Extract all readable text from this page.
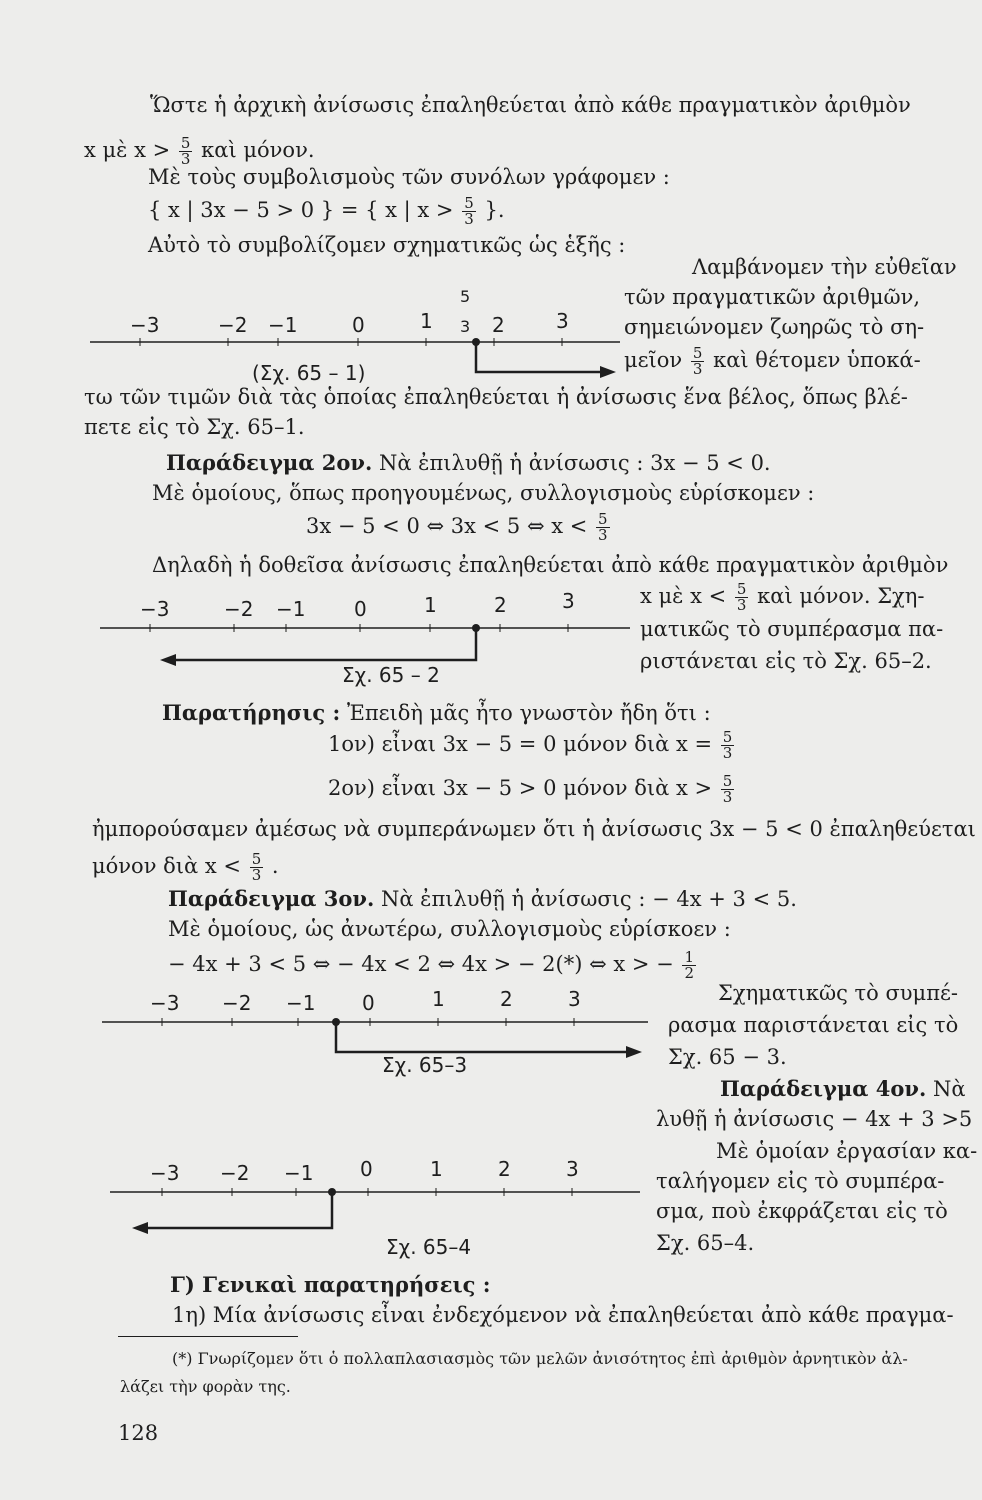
Ὥστε ἡ ἀρχικὴ ἀνίσωσις ἐπαληθεύεται ἀπὸ κάθε πραγματικὸν ἀριθμὸν
x μὲ $x > \frac{5}{3}$ καὶ μόνον.
Μὲ τοὺς συμβολισμοὺς τῶν συνόλων γράφομεν :
{ x | 3x − 5 > 0 } = { x | $x > \frac{5}{3}$ }.
Αὐτὸ τὸ συμβολίζομεν σχηματικῶς ὡς ἑξῆς :
Λαμβάνομεν τὴν εὐθεῖαν
τῶν πραγματικῶν ἀριθμῶν,
σημειώνομεν ζωηρῶς τὸ ση-
μεῖον $\frac{5}{3}$ καὶ θέτομεν ὑποκά-
−3	−2 −1	0	1	2	3
5
3
(Σχ. 65 – 1)
τω τῶν τιμῶν διὰ τὰς ὁποίας ἐπαληθεύεται ἡ ἀνίσωσις ἕνα βέλος, ὅπως βλέ-
πετε εἰς τὸ Σχ. 65–1.
Παράδειγμα 2ον. Νὰ ἐπιλυθῇ ἡ ἀνίσωσις : 3x − 5 < 0.
Μὲ ὁμοίους, ὅπως προηγουμένως, συλλογισμοὺς εὑρίσκομεν :
3x − 5 < 0 ⇔ 3x < 5 ⇔ $x < \frac{5}{3}$
Δηλαδὴ ἡ δοθεῖσα ἀνίσωσις ἐπαληθεύεται ἀπὸ κάθε πραγματικὸν ἀριθμὸν
x μὲ $x < \frac{5}{3}$ καὶ μόνον. Σχη-
ματικῶς τὸ συμπέρασμα πα-
ριστάνεται εἰς τὸ Σχ. 65–2.
−3	−2 −1 0	1	2	3
Σχ. 65 – 2
Παρατήρησις : Ἐπειδὴ μᾶς ἦτο γνωστὸν ἤδη ὅτι :
1ον) εἶναι 3x − 5 = 0 μόνον διὰ $x = \frac{5}{3}$
2ον) εἶναι 3x − 5 > 0 μόνον διὰ $x > \frac{5}{3}$
ἠμπορούσαμεν ἀμέσως νὰ συμπεράνωμεν ὅτι ἡ ἀνίσωσις 3x − 5 < 0 ἐπαληθεύεται
μόνον διὰ $x < \frac{5}{3}$ .
Παράδειγμα 3ον. Νὰ ἐπιλυθῇ ἡ ἀνίσωσις : − 4x + 3 < 5.
Μὲ ὁμοίους, ὡς ἀνωτέρω, συλλογισμοὺς εὑρίσκοεν :
− 4x + 3 < 5 ⇔ − 4x < 2 ⇔ 4x > − 2(*) ⇔ x > − $\frac{1}{2}$
Σχηματικῶς τὸ συμπέ-
ρασμα παριστάνεται εἰς τὸ
Σχ. 65 − 3.
−3 −2 −1 0	1	2	3
Σχ. 65–3
Παράδειγμα 4ον. Νὰ
λυθῇ ἡ ἀνίσωσις − 4x + 3 >5
Μὲ ὁμοίαν ἐργασίαν κα-
ταλήγομεν εἰς τὸ συμπέρα-
σμα, ποὺ ἐκφράζεται εἰς τὸ
Σχ. 65–4.
−3 −2 −1 0	1	2	3
Σχ. 65–4
Γ) Γενικαὶ παρατηρήσεις :
1η) Μία ἀνίσωσις εἶναι ἐνδεχόμενον νὰ ἐπαληθεύεται ἀπὸ κάθε πραγμα-
(*) Γνωρίζομεν ὅτι ὁ πολλαπλασιασμὸς τῶν μελῶν ἀνισότητος ἐπὶ ἀριθμὸν ἀρνητικὸν ἀλ-
λάζει τὴν φορὰν της.
128
